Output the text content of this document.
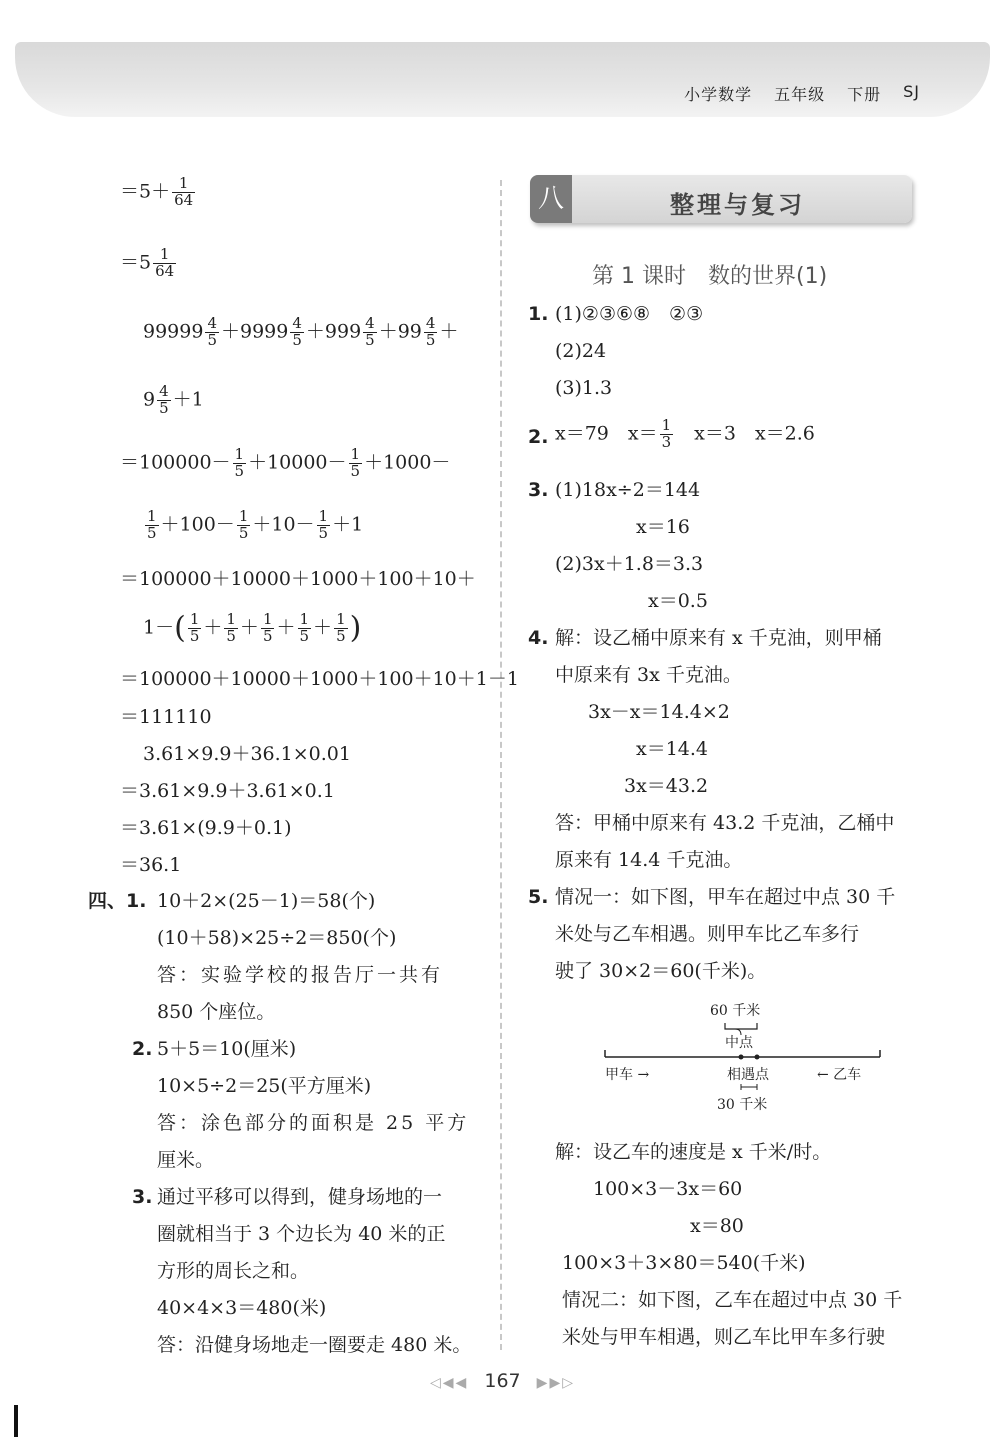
小学数学 五年级 下册 SJ
$=5+ \frac{1}{64}$
$=5 \frac{1}{64}$
$99999 \frac{4}{5} +9999 \frac{4}{5} +999 \frac{4}{5} +99 \frac{4}{5}$ ＋
$9 \frac{4}{5} +1$
$=100000- \frac{1}{5} +10000- \frac{1}{5} +1000-$
$\frac{1}{5} +100- \frac{1}{5} +10- \frac{1}{5} +1$
＝100000＋10000＋1000＋100＋10＋
$1-( \frac{1}{5} + \frac{1}{5} + \frac{1}{5} + \frac{1}{5} + \frac{1}{5}$ )
＝100000＋10000＋1000＋100＋10＋1－1
＝111110
3.61×9.9＋36.1×0.01
＝3.61×9.9＋3.61×0.1
＝3.61×(9.9＋0.1)
＝36.1
四、1. 10＋2×(25－1)＝58(个)
(10＋58)×25÷2＝850(个)
答：实验学校的报告厅一共有
850 个座位。
2. 5＋5＝10(厘米)
10×5÷2＝25(平方厘米)
答：涂色部分的面积是 25 平方
厘米。
3. 通过平移可以得到，健身场地的一
圈就相当于 3 个边长为 40 米的正
方形的周长之和。
40×4×3＝480(米)
答：沿健身场地走一圈要走 480 米。
八	整理与复习
第 1 课时　数的世界(1)
1. (1)②③⑥⑧　②③
(2)24
(3)1.3
2. x＝79　$x= \frac{1}{3}$ 　x＝3　x＝2.6
3. (1)18x÷2＝144
x＝16
(2)3x＋1.8＝3.3
x＝0.5
4. 解：设乙桶中原来有 x 千克油，则甲桶
中原来有 3x 千克油。
3x－x＝14.4×2
x＝14.4
3x＝43.2
答：甲桶中原来有 43.2 千克油，乙桶中
原来有 14.4 千克油。
5. 情况一：如下图，甲车在超过中点 30 千
米处与乙车相遇。则甲车比乙车多行
驶了 30×2＝60(千米)。
60 千米
中点
甲车 →	相遇点	← 乙车
30 千米
解：设乙车的速度是 x 千米/时。
100×3－3x＝60
x＝80
100×3＋3×80＝540(千米)
情况二：如下图，乙车在超过中点 30 千
米处与甲车相遇，则乙车比甲车多行驶
◁◀◀ 167 ▶▶▷
